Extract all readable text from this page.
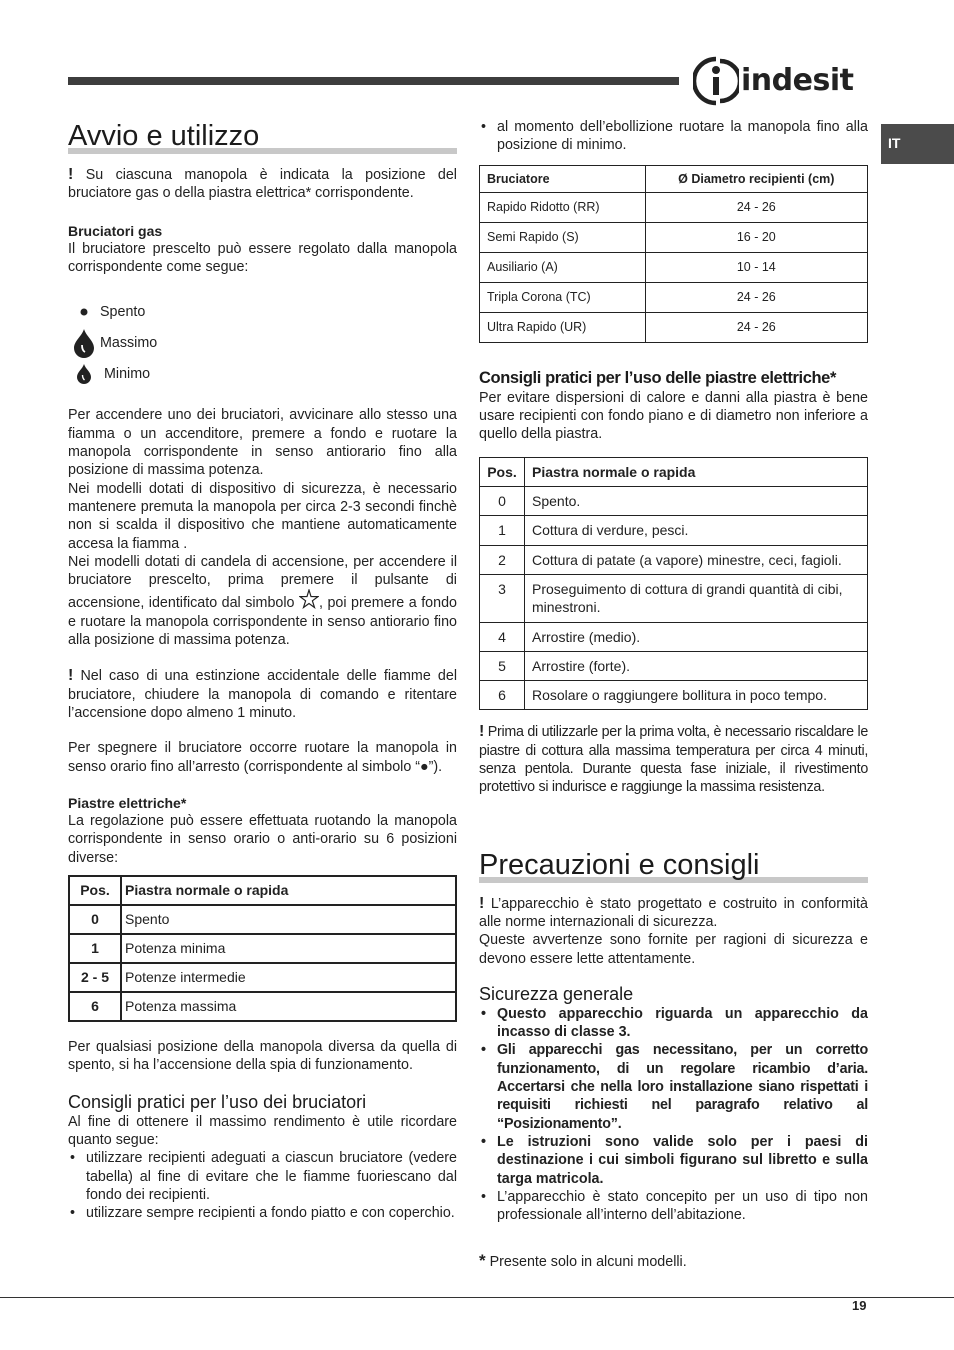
indesit
IT
Avvio e utilizzo

! Su ciascuna manopola è indicata la posizione del bruciatore gas o della piastra elettrica* corrispondente.

Bruciatori gas

Il bruciatore prescelto può essere regolato dalla manopola corrispondente come segue:

Spento
Massimo
Minimo

Per accendere uno dei bruciatori, avvicinare allo stesso una fiamma o un accenditore, premere a fondo e ruotare la manopola corrispondente in senso antiorario fino alla posizione di massima potenza.

Nei modelli dotati di dispositivo di sicurezza, è necessario mantenere premuta la manopola per circa 2-3 secondi finchè non si scalda il dispositivo che mantiene automaticamente accesa la fiamma .

Nei modelli dotati di candela di accensione, per accendere il bruciatore prescelto, prima premere il pulsante di accensione, identificato dal simbolo , poi premere a fondo e ruotare la manopola corrispondente in senso antiorario fino alla posizione di massima potenza.

! Nel caso di una estinzione accidentale delle fiamme del bruciatore, chiudere la manopola di comando e ritentare l’accensione dopo almeno 1 minuto.

Per spegnere il bruciatore occorre ruotare la manopola in senso orario fino all’arresto (corrispondente al simbolo “●”).

Piastre elettriche*

La regolazione può essere effettuata ruotando la manopola corrispondente in senso orario o anti-orario su 6 posizioni diverse:

Pos.	Piastra normale o rapida
0	Spento
1	Potenza minima
2 - 5	Potenze intermedie
6	Potenza massima

Per qualsiasi posizione della manopola diversa da quella di spento, si ha l’accensione della spia di funzionamento.

Consigli pratici per l’uso dei bruciatori

Al fine di ottenere il massimo rendimento è utile ricordare quanto segue:

• utilizzare recipienti adeguati a ciascun bruciatore (vedere tabella) al fine di evitare che le fiamme fuoriescano dal fondo dei recipienti.
• utilizzare sempre recipienti a fondo piatto e con coperchio.
• al momento dell’ebollizione ruotare la manopola fino alla posizione di minimo.
Bruciatore	Ø Diametro recipienti (cm)
Rapido Ridotto (RR)	24 - 26
Semi Rapido (S)	16 - 20
Ausiliario (A)	10 - 14
Tripla Corona (TC)	24 - 26
Ultra Rapido (UR)	24 - 26
Consigli pratici per l’uso delle piastre elettriche*

Per evitare dispersioni di calore e danni alla piastra è bene usare recipienti con fondo piano e di diametro non inferiore a quello della piastra.

Pos.	Piastra normale o rapida
0	Spento.
1	Cottura di verdure, pesci.
2	Cottura di patate (a vapore) minestre, ceci, fagioli.
3	Proseguimento di cottura di grandi quantità di cibi, minestroni.
4	Arrostire (medio).
5	Arrostire (forte).
6	Rosolare o raggiungere bollitura in poco tempo.

! Prima di utilizzarle per la prima volta, è necessario riscaldare le piastre di cottura alla massima temperatura per circa 4 minuti, senza pentola. Durante questa fase iniziale, il rivestimento protettivo si indurisce e raggiunge la massima resistenza.

Precauzioni e consigli

! L’apparecchio è stato progettato e costruito in conformità alle norme internazionali di sicurezza.

Queste avvertenze sono fornite per ragioni di sicurezza e devono essere lette attentamente.

Sicurezza generale
• Questo apparecchio riguarda un apparecchio da incasso di classe 3.
• Gli apparecchi gas necessitano, per un corretto funzionamento, di un regolare ricambio d’aria. Accertarsi che nella loro installazione siano rispettati i requisiti richiesti nel paragrafo relativo al “Posizionamento”.
• Le istruzioni sono valide solo per i paesi di destinazione i cui simboli figurano sul libretto e sulla targa matricola.
• L’apparecchio è stato concepito per un uso di tipo non professionale all’interno dell’abitazione.
* Presente solo in alcuni modelli.
19
